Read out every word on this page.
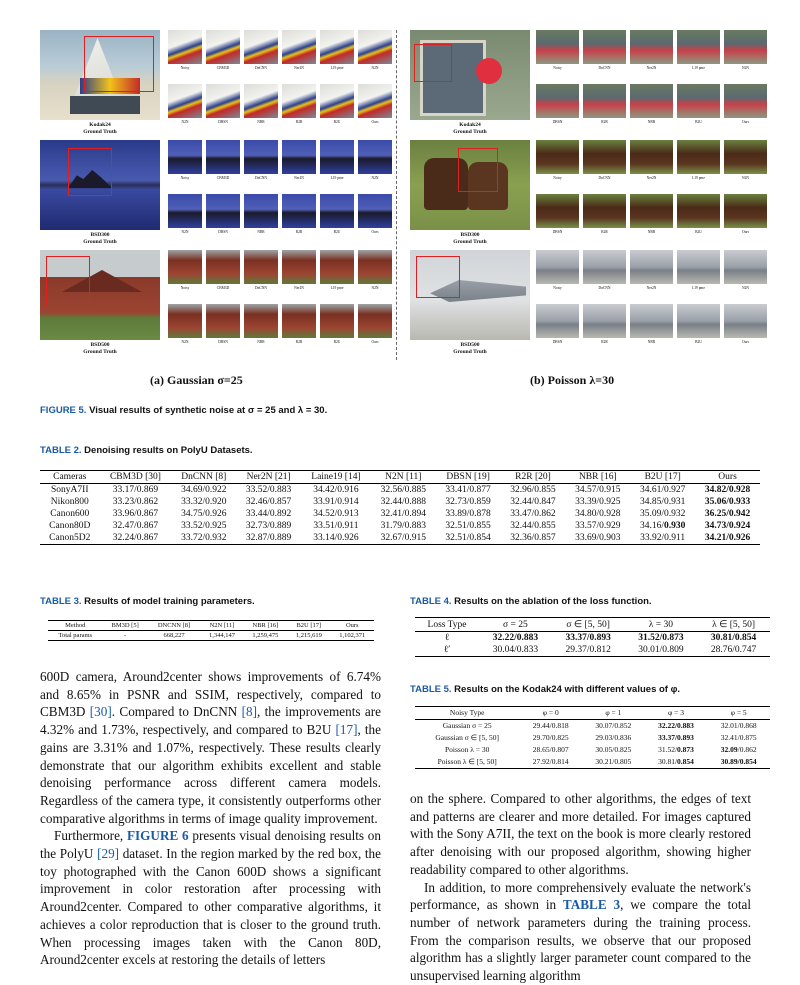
Kodak24
Ground Truth
Noisy	CBM3D	DnCNN	Ner2N	L19 pme	N2N
N2N	DBSN	NBR	R2R	B2U	Ours
BSD300
Ground Truth
Noisy	CBM3D	DnCNN	Ner2N	L19 pme	N2N
N2N	DBSN	NBR	R2R	B2U	Ours
BSD500
Ground Truth
Noisy	CBM3D	DnCNN	Ner2N	L19 pme	N2N
N2N	DBSN	NBR	R2R	B2U	Ours
(a) Gaussian σ=25
Kodak24
Ground Truth
Noisy	DnCNN	Ner2N	L19 pme	N2N
DBSN	R2R	NBR	B2U	Ours
BSD300
Ground Truth
Noisy	DnCNN	Ner2N	L19 pme	N2N
DBSN	R2R	NBR	B2U	Ours
BSD500
Ground Truth
Noisy	DnCNN	Ner2N	L19 pme	N2N
DBSN	R2R	NBR	B2U	Ours
(b) Poisson λ=30
FIGURE 5. Visual results of synthetic noise at σ = 25 and λ = 30.
TABLE 2. Denoising results on PolyU Datasets.
Cameras	CBM3D [30]	DnCNN [8]	Ner2N [21]	Laine19 [14]	N2N [11]	DBSN [19]	R2R [20]	NBR [16]	B2U [17]	Ours
SonyA7II	33.17/0.869	34.69/0.922	33.52/0.883	34.42/0.916	32.56/0.885	33.41/0.877	32.96/0.855	34.57/0.915	34.61/0.927	34.82/0.928
Nikon800	33.23/0.862	33.32/0.920	32.46/0.857	33.91/0.914	32.44/0.888	32.73/0.859	32.44/0.847	33.39/0.925	34.85/0.931	35.06/0.933
Canon600	33.96/0.867	34.75/0.926	33.44/0.892	34.52/0.913	32.41/0.894	33.89/0.878	33.47/0.862	34.80/0.928	35.09/0.932	36.25/0.942
Canon80D	32.47/0.867	33.52/0.925	32.73/0.889	33.51/0.911	31.79/0.883	32.51/0.855	32.44/0.855	33.57/0.929	34.16/0.930	34.73/0.924
Canon5D2	32.24/0.867	33.72/0.932	32.87/0.889	33.14/0.926	32.67/0.915	32.51/0.854	32.36/0.857	33.69/0.903	33.92/0.911	34.21/0.926
TABLE 3. Results of model training parameters.
Method	BM3D [5]	DNCNN [8]	N2N [11]	NBR [16]	B2U [17]	Ours
Total params	-	668,227	1,344,147	1,259,475	1,215,619	1,102,371
TABLE 4. Results on the ablation of the loss function.
Loss Type	σ = 25	σ ∈ [5, 50]	λ = 30	λ ∈ [5, 50]
ℓ	32.22/0.883	33.37/0.893	31.52/0.873	30.81/0.854
ℓ′	30.04/0.833	29.37/0.812	30.01/0.809	28.76/0.747
TABLE 5. Results on the Kodak24 with different values of φ.
Noisy Type	φ = 0	φ = 1	φ = 3	φ = 5
Gaussian σ = 25	29.44/0.818	30.07/0.852	32.22/0.883	32.01/0.868
Gaussian σ ∈ [5, 50]	29.70/0.825	29.03/0.836	33.37/0.893	32.41/0.875
Poisson λ = 30	28.65/0.807	30.05/0.825	31.52/0.873	32.09/0.862
Poisson λ ∈ [5, 50]	27.92/0.814	30.21/0.805	30.81/0.854	30.89/0.854

600D camera, Around2center shows improvements of 6.74% and 8.65% in PSNR and SSIM, respectively, compared to CBM3D [30]. Compared to DnCNN [8], the improvements are 4.32% and 1.73%, respectively, and compared to B2U [17], the gains are 3.31% and 1.07%, respectively. These results clearly demonstrate that our algorithm exhibits excellent and stable denoising performance across different camera models. Regardless of the camera type, it consistently outperforms other comparative algorithms in terms of image quality improvement.

Furthermore, FIGURE 6 presents visual denoising results on the PolyU [29] dataset. In the region marked by the red box, the toy photographed with the Canon 600D shows a significant improvement in color restoration after processing with Around2center. Compared to other comparative algorithms, it achieves a color reproduction that is closer to the ground truth. When processing images taken with the Canon 80D, Around2center excels at restoring the details of letters

on the sphere. Compared to other algorithms, the edges of text and patterns are clearer and more detailed. For images captured with the Sony A7II, the text on the book is more clearly restored after denoising with our proposed algorithm, showing higher readability compared to other algorithms.

In addition, to more comprehensively evaluate the network's performance, as shown in TABLE 3, we compare the total number of network parameters during the training process. From the comparison results, we observe that our proposed algorithm has a slightly larger parameter count compared to the unsupervised learning algorithm
